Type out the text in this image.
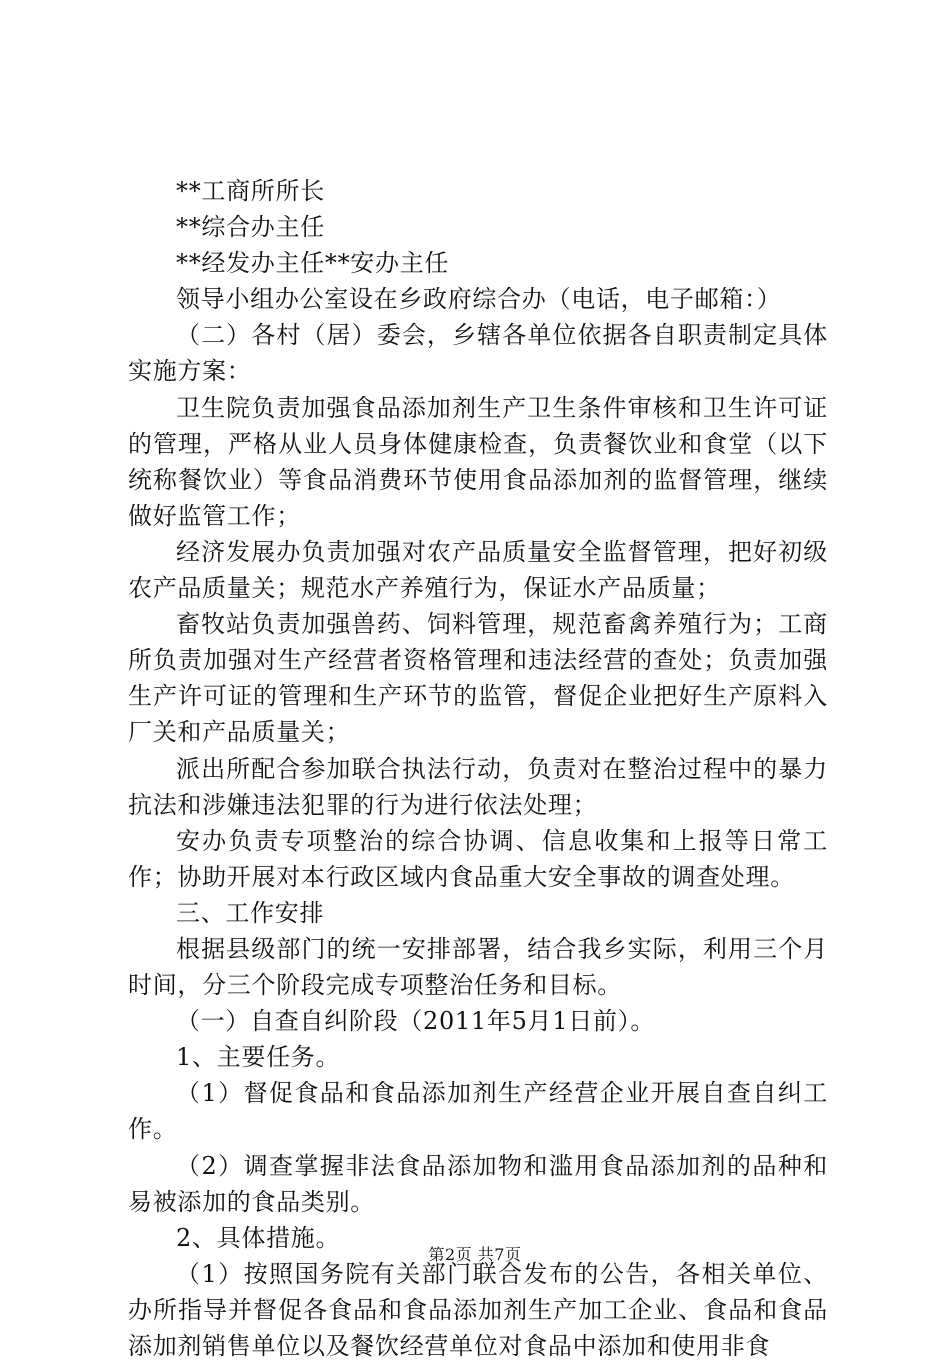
**工商所所长

**综合办主任

**经发办主任**安办主任

领导小组办公室设在乡政府综合办（电话，电子邮箱：）

（二）各村（居）委会，乡辖各单位依据各自职责制定具体实施方案：

卫生院负责加强食品添加剂生产卫生条件审核和卫生许可证的管理，严格从业人员身体健康检查，负责餐饮业和食堂（以下统称餐饮业）等食品消费环节使用食品添加剂的监督管理，继续做好监管工作；

经济发展办负责加强对农产品质量安全监督管理，把好初级农产品质量关；规范水产养殖行为，保证水产品质量；

畜牧站负责加强兽药、饲料管理，规范畜禽养殖行为；工商所负责加强对生产经营者资格管理和违法经营的查处；负责加强生产许可证的管理和生产环节的监管，督促企业把好生产原料入厂关和产品质量关；

派出所配合参加联合执法行动，负责对在整治过程中的暴力抗法和涉嫌违法犯罪的行为进行依法处理；

安办负责专项整治的综合协调、信息收集和上报等日常工作；协助开展对本行政区域内食品重大安全事故的调查处理。

三、工作安排

根据县级部门的统一安排部署，结合我乡实际，利用三个月时间，分三个阶段完成专项整治任务和目标。

（一）自查自纠阶段（2011年5月1日前）。

1、主要任务。

（1）督促食品和食品添加剂生产经营企业开展自查自纠工作。

（2）调查掌握非法食品添加物和滥用食品添加剂的品种和易被添加的食品类别。

2、具体措施。

（1）按照国务院有关部门联合发布的公告，各相关单位、办所指导并督促各食品和食品添加剂生产加工企业、食品和食品添加剂销售单位以及餐饮经营单位对食品中添加和使用非食

第2页 共7页
